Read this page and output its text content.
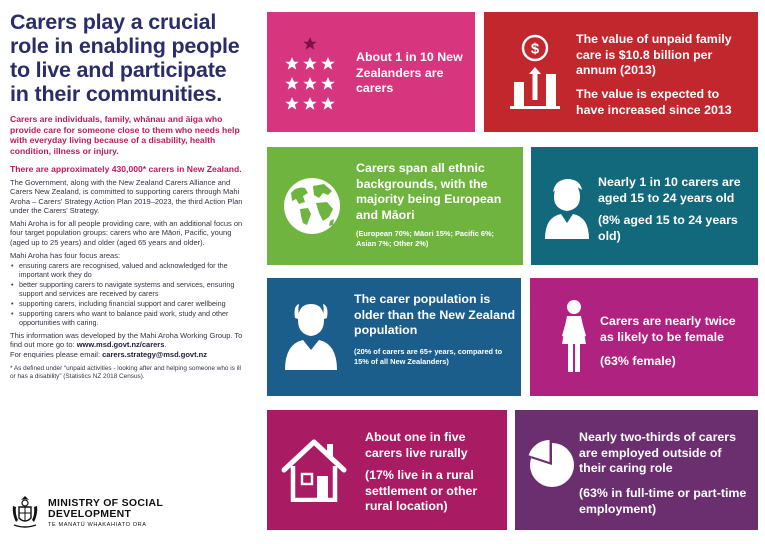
Carers play a crucial role in enabling people to live and participate in their communities.
Carers are individuals, family, whānau and āiga who provide care for someone close to them who needs help with everyday living because of a disability, health condition, illness or injury.
There are approximately 430,000* carers in New Zealand.
The Government, along with the New Zealand Carers Alliance and Carers New Zealand, is committed to supporting carers through Mahi Aroha – Carers' Strategy Action Plan 2019–2023, the third Action Plan under the Carers' Strategy.
Mahi Aroha is for all people providing care, with an additional focus on four target population groups: carers who are Māori, Pacific, young (aged up to 25 years) and older (aged 65 years and older).
Mahi Aroha has four focus areas:
• ensuring carers are recognised, valued and acknowledged for the important work they do
• better supporting carers to navigate systems and services, ensuring support and services are received by carers
• supporting carers, including financial support and carer wellbeing
• supporting carers who want to balance paid work, study and other opportunities with caring.
This information was developed by the Mahi Aroha Working Group. To find out more go to: www.msd.govt.nz/carers.
For enquiries please email: carers.strategy@msd.govt.nz
* As defined under “unpaid activities - looking after and helping someone who is ill or has a disability” (Statistics NZ 2018 Census).
MINISTRY OF SOCIAL
DEVELOPMENT
TE MANATŪ WHAKAHIATO ORA
About 1 in 10 New Zealanders are carers
$
The value of unpaid family care is $10.8 billion per annum (2013)
The value is expected to have increased since 2013
Carers span all ethnic backgrounds, with the majority being European and Māori
(European 70%; Māori 15%; Pacific 6%; Asian 7%; Other 2%)
Nearly 1 in 10 carers are aged 15 to 24 years old
(8% aged 15 to 24 years old)
The carer population is older than the New Zealand population
(20% of carers are 65+ years, compared to 15% of all New Zealanders)
Carers are nearly twice as likely to be female
(63% female)
About one in five carers live rurally
(17% live in a rural settlement or other rural location)
Nearly two-thirds of carers are employed outside of their caring role
(63% in full-time or part-time employment)
